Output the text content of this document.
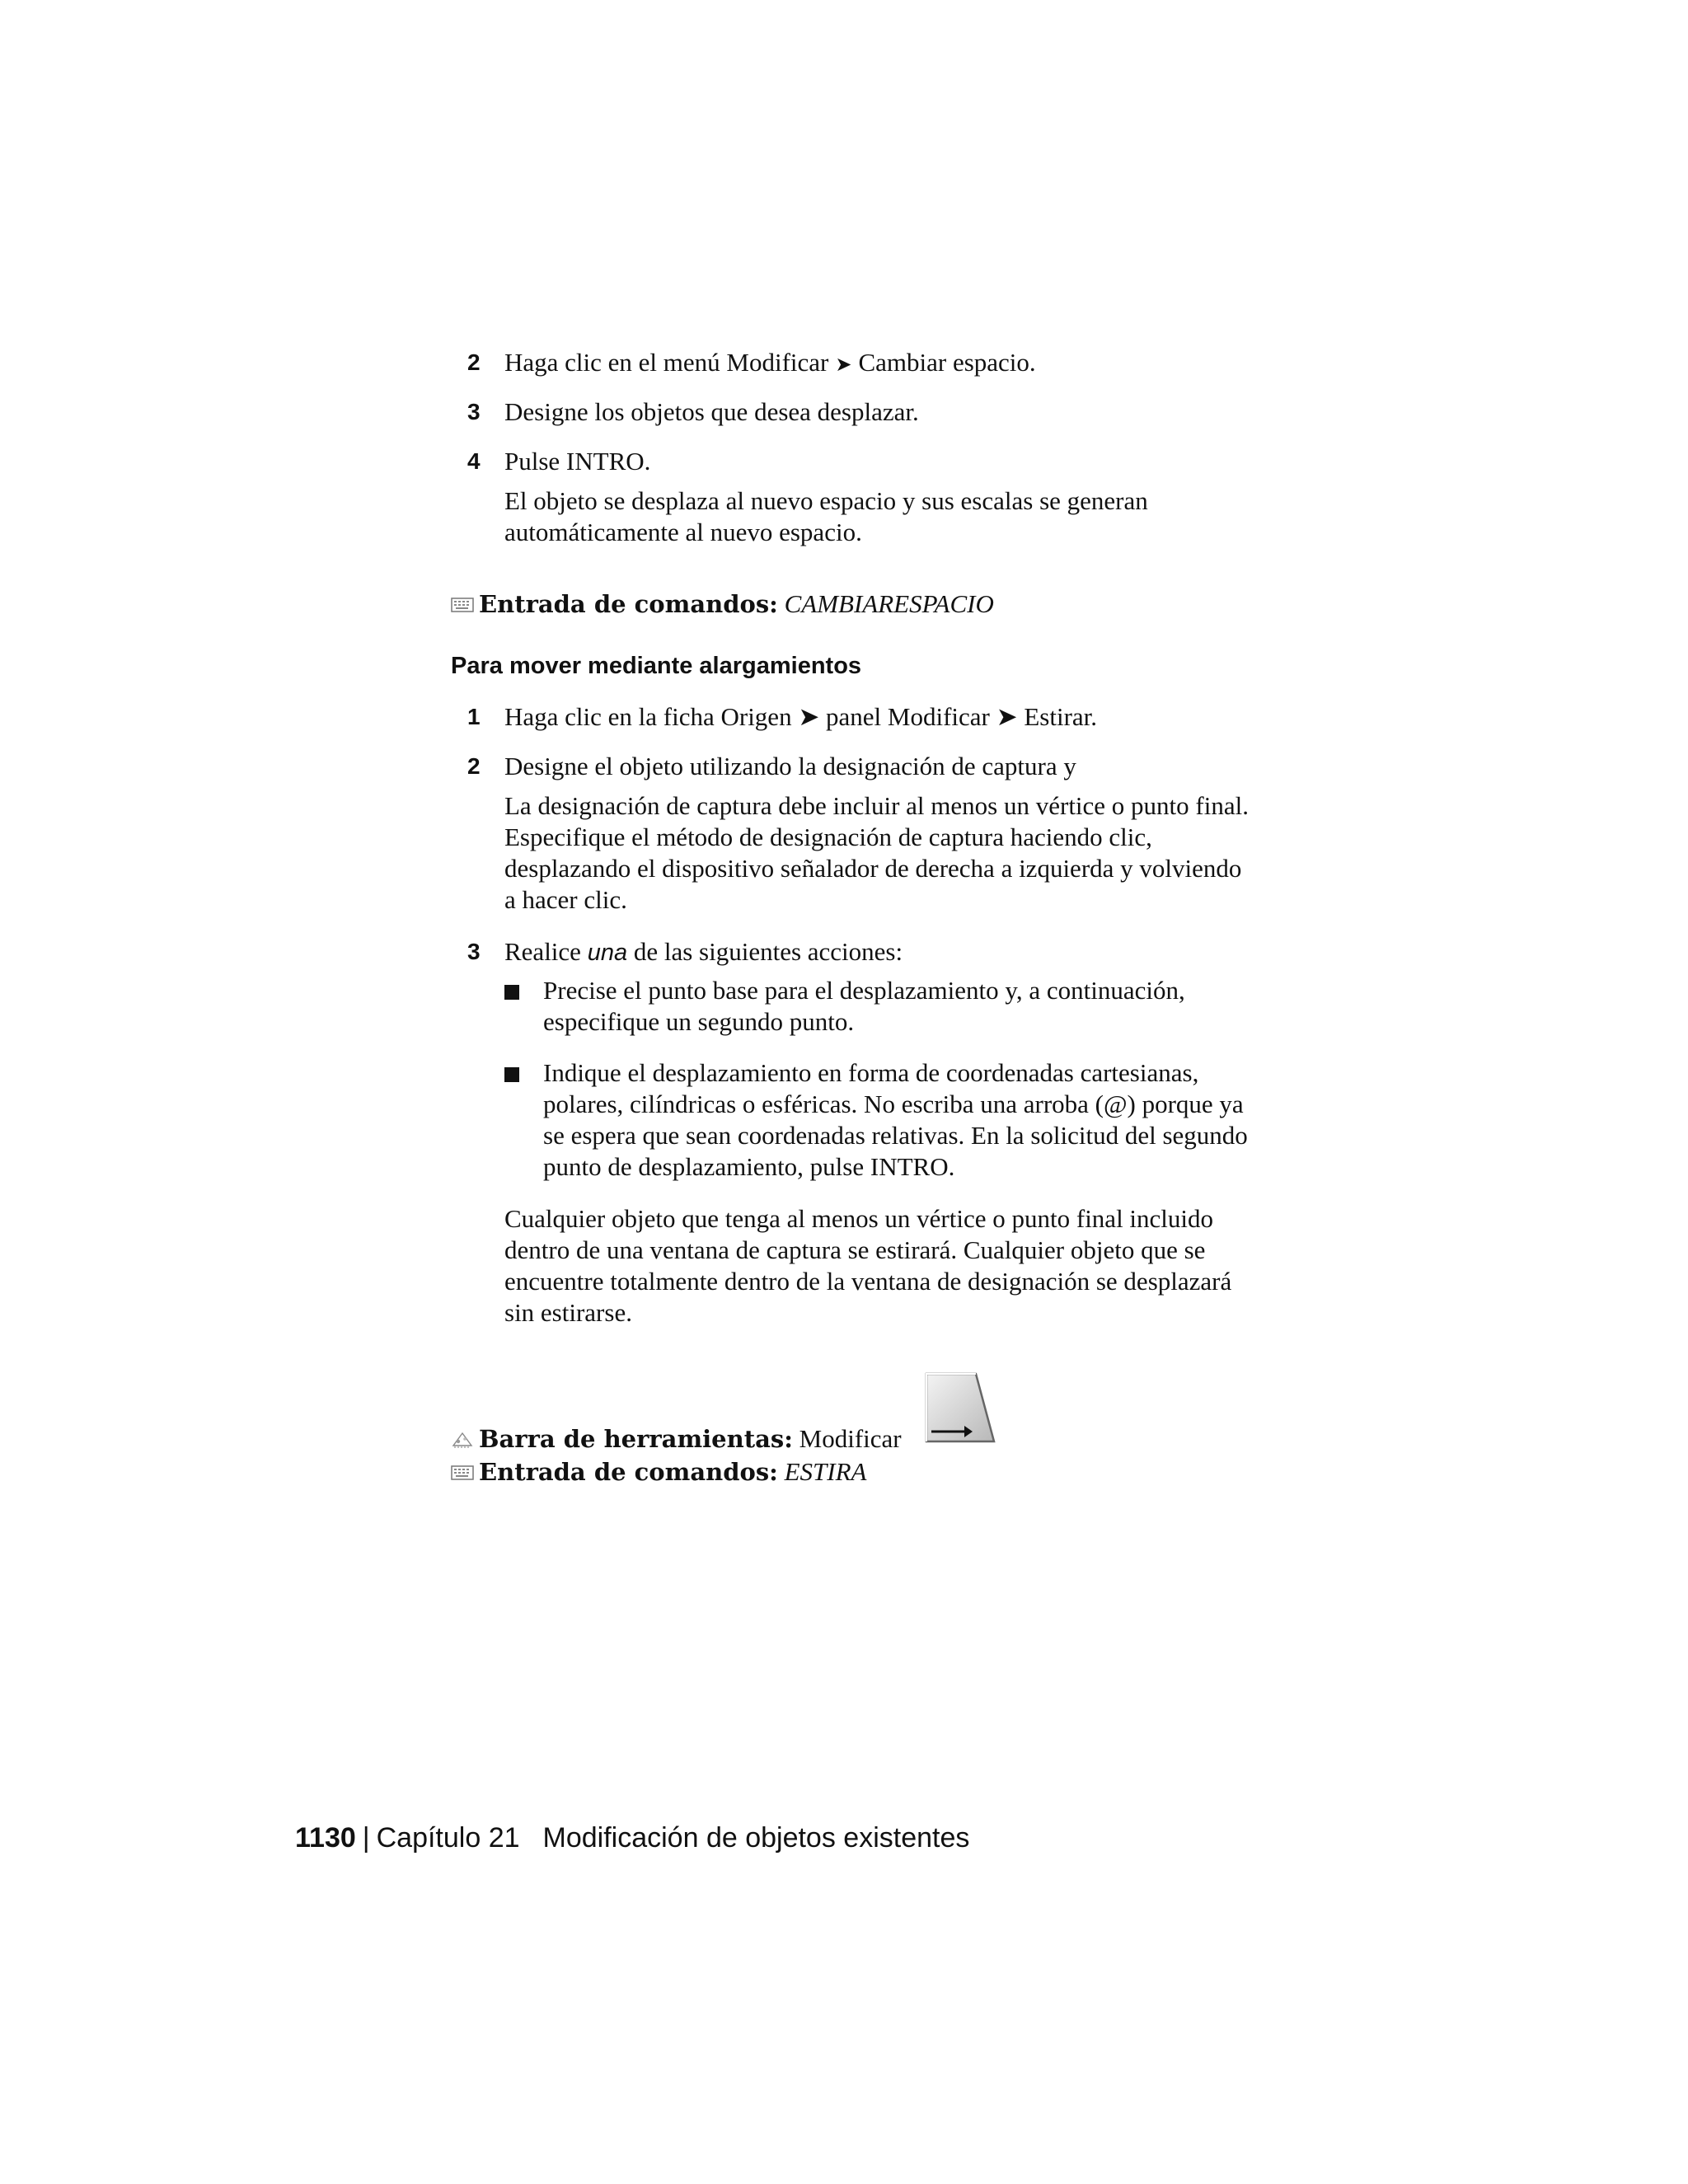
2 Haga clic en el menú Modificar ➤ Cambiar espacio.
3 Designe los objetos que desea desplazar.
4 Pulse INTRO.
El objeto se desplaza al nuevo espacio y sus escalas se generan
automáticamente al nuevo espacio.
Entrada de comandos: CAMBIARESPACIO
Para mover mediante alargamientos
1 Haga clic en la ficha Origen ➤ panel Modificar ➤ Estirar.
2 Designe el objeto utilizando la designación de captura y
La designación de captura debe incluir al menos un vértice o punto final.
Especifique el método de designación de captura haciendo clic,
desplazando el dispositivo señalador de derecha a izquierda y volviendo
a hacer clic.
3 Realice una de las siguientes acciones:
Precise el punto base para el desplazamiento y, a continuación,
especifique un segundo punto.
Indique el desplazamiento en forma de coordenadas cartesianas,
polares, cilíndricas o esféricas. No escriba una arroba (@) porque ya
se espera que sean coordenadas relativas. En la solicitud del segundo
punto de desplazamiento, pulse INTRO.
Cualquier objeto que tenga al menos un vértice o punto final incluido
dentro de una ventana de captura se estirará. Cualquier objeto que se
encuentre totalmente dentro de la ventana de designación se desplazará
sin estirarse.
Barra de herramientas: Modificar
Entrada de comandos: ESTIRA
1130 | Capítulo 21 Modificación de objetos existentes
